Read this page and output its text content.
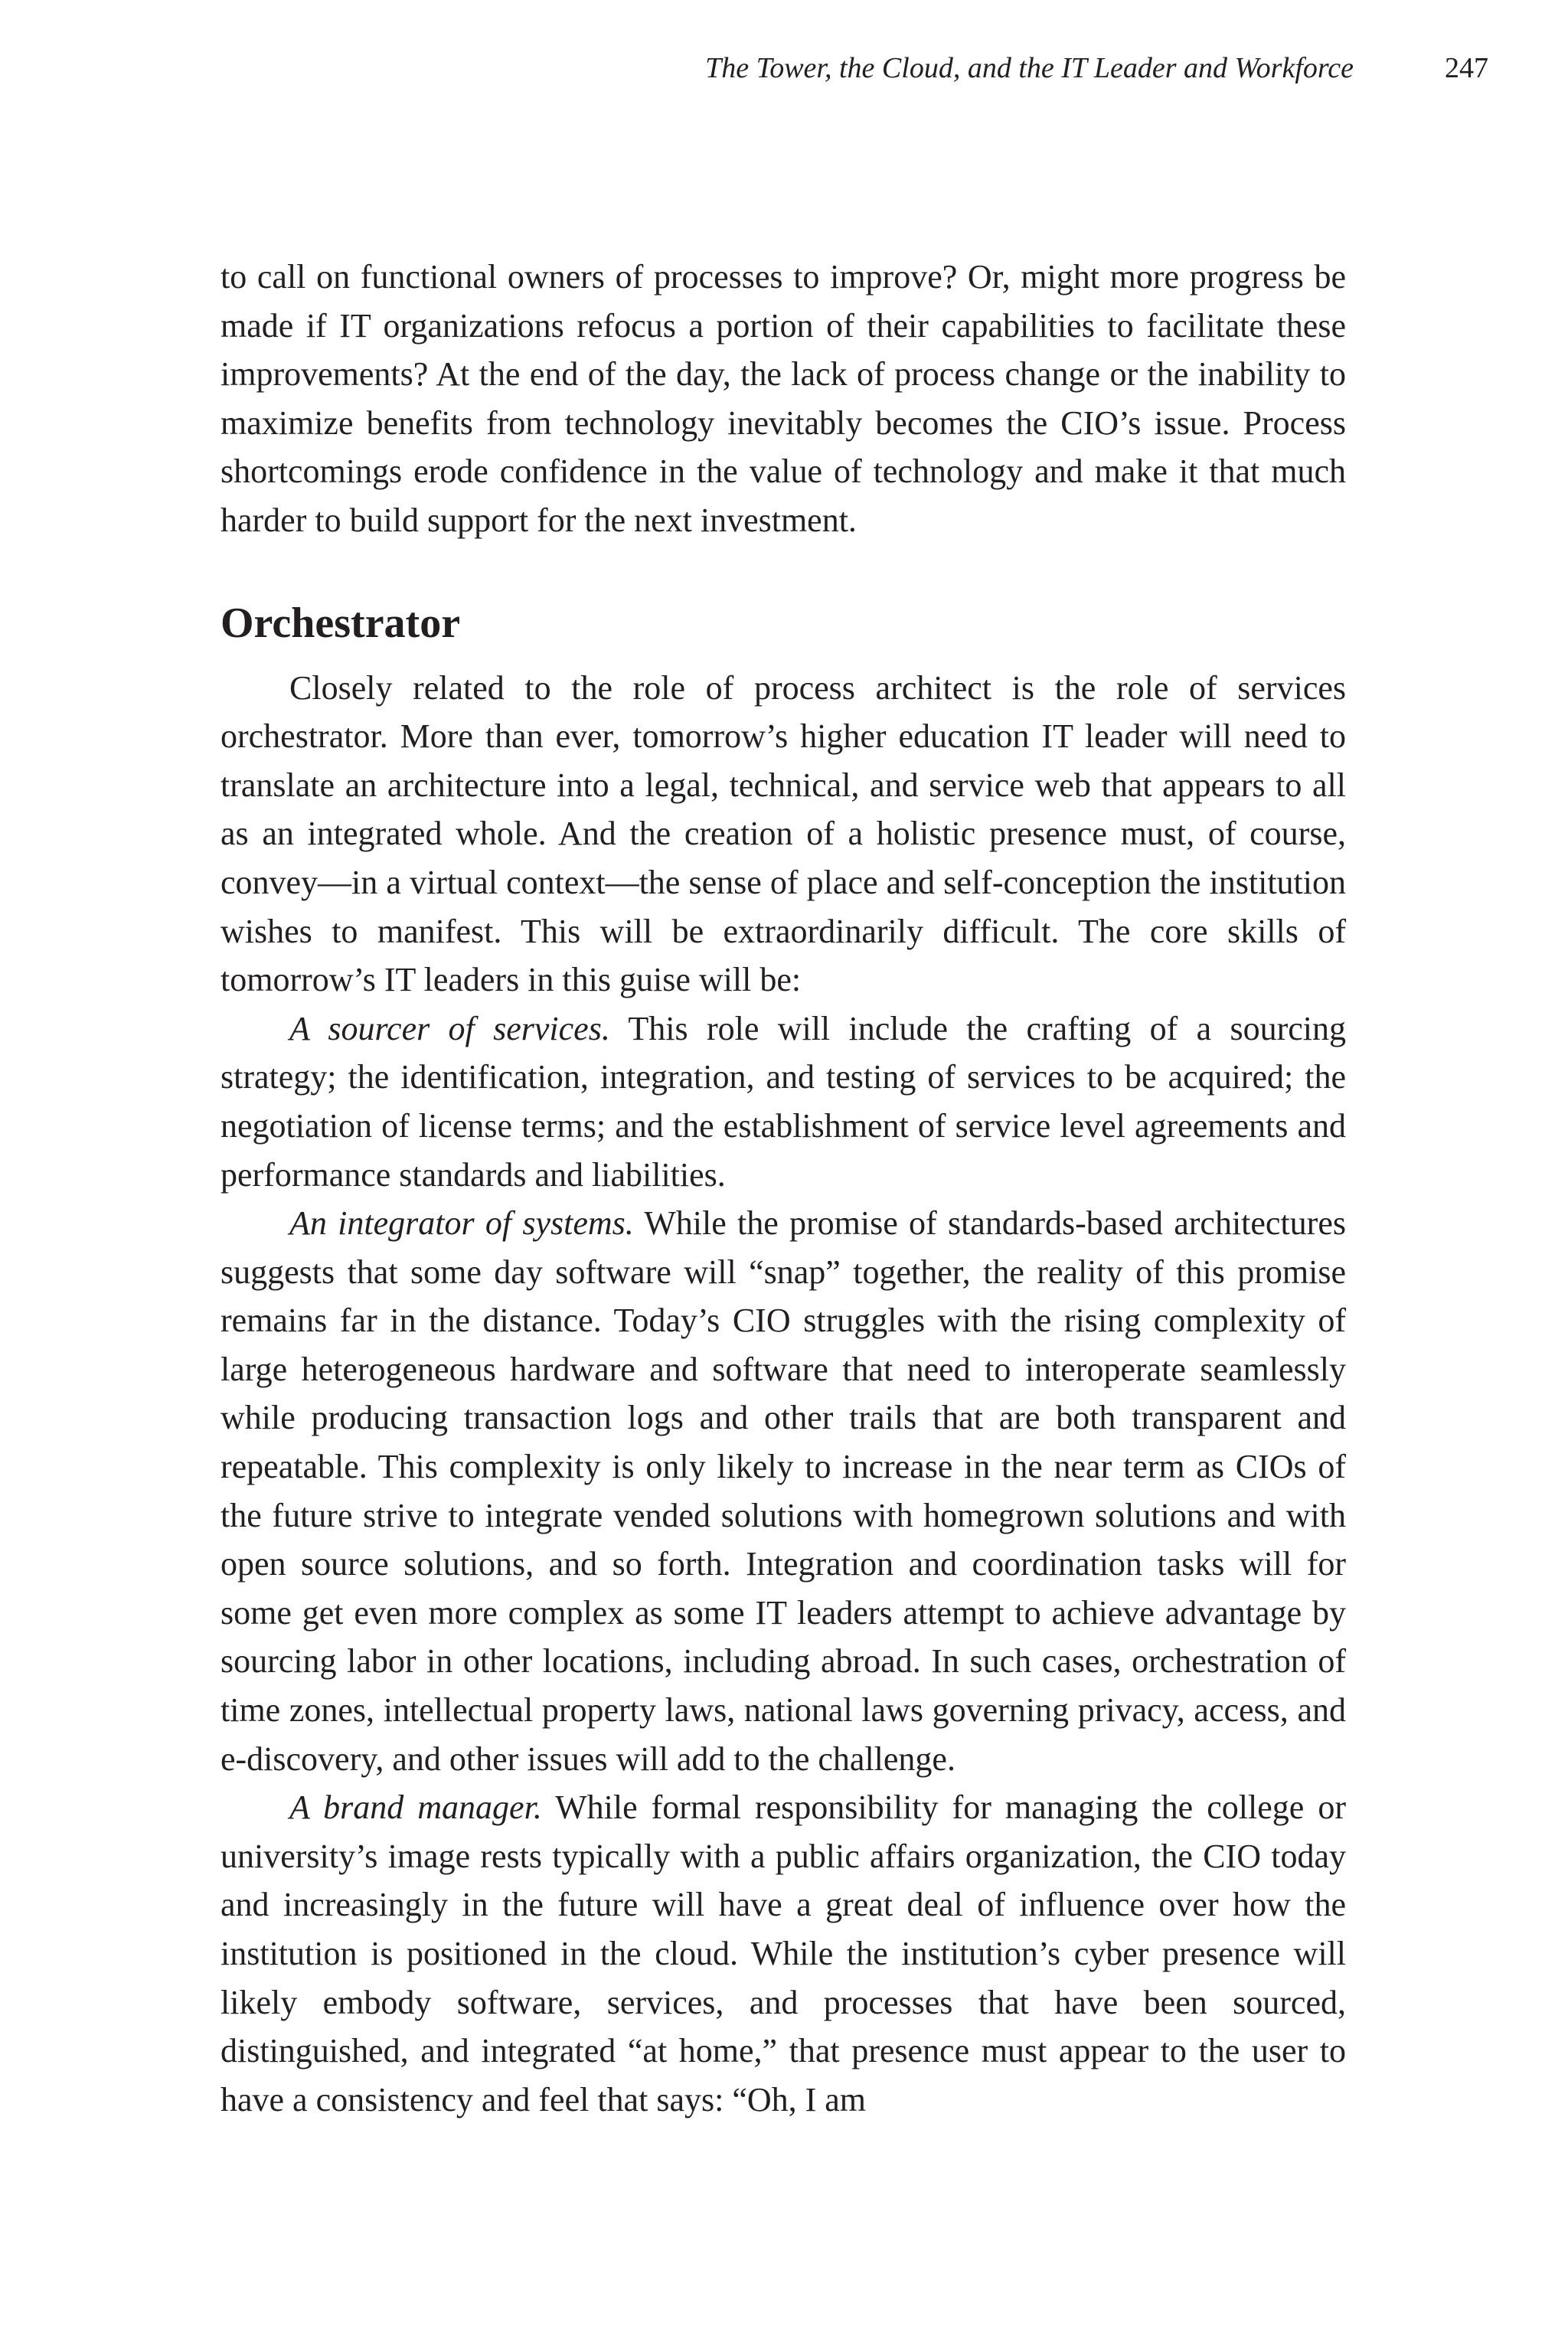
The Tower, the Cloud, and the IT Leader and Workforce	247

to call on functional owners of processes to improve? Or, might more progress be made if IT organizations refocus a portion of their capabilities to facilitate these improvements? At the end of the day, the lack of process change or the inability to maximize benefits from technology inevitably becomes the CIO’s issue. Process shortcomings erode confidence in the value of technology and make it that much harder to build support for the next investment.

Orchestrator

Closely related to the role of process architect is the role of services orchestrator. More than ever, tomorrow’s higher education IT leader will need to translate an architecture into a legal, technical, and service web that appears to all as an integrated whole. And the creation of a holistic presence must, of course, convey—in a virtual context—the sense of place and self-conception the institution wishes to manifest. This will be extraordinarily difficult. The core skills of tomorrow’s IT leaders in this guise will be:

A sourcer of services. This role will include the crafting of a sourcing strategy; the identification, integration, and testing of services to be acquired; the negotiation of license terms; and the establishment of service level agreements and performance standards and liabilities.

An integrator of systems. While the promise of standards-based architectures suggests that some day software will “snap” together, the reality of this promise remains far in the distance. Today’s CIO struggles with the rising complexity of large heterogeneous hardware and software that need to interoperate seamlessly while producing transaction logs and other trails that are both transparent and repeatable. This complexity is only likely to increase in the near term as CIOs of the future strive to integrate vended solutions with homegrown solutions and with open source solutions, and so forth. Integration and coordination tasks will for some get even more complex as some IT leaders attempt to achieve advantage by sourcing labor in other locations, including abroad. In such cases, orchestration of time zones, intellectual property laws, national laws governing privacy, access, and e-discovery, and other issues will add to the challenge.

A brand manager. While formal responsibility for managing the college or university’s image rests typically with a public affairs organization, the CIO today and increasingly in the future will have a great deal of influence over how the institution is positioned in the cloud. While the institution’s cyber presence will likely embody software, services, and processes that have been sourced, distinguished, and integrated “at home,” that presence must appear to the user to have a consistency and feel that says: “Oh, I am
